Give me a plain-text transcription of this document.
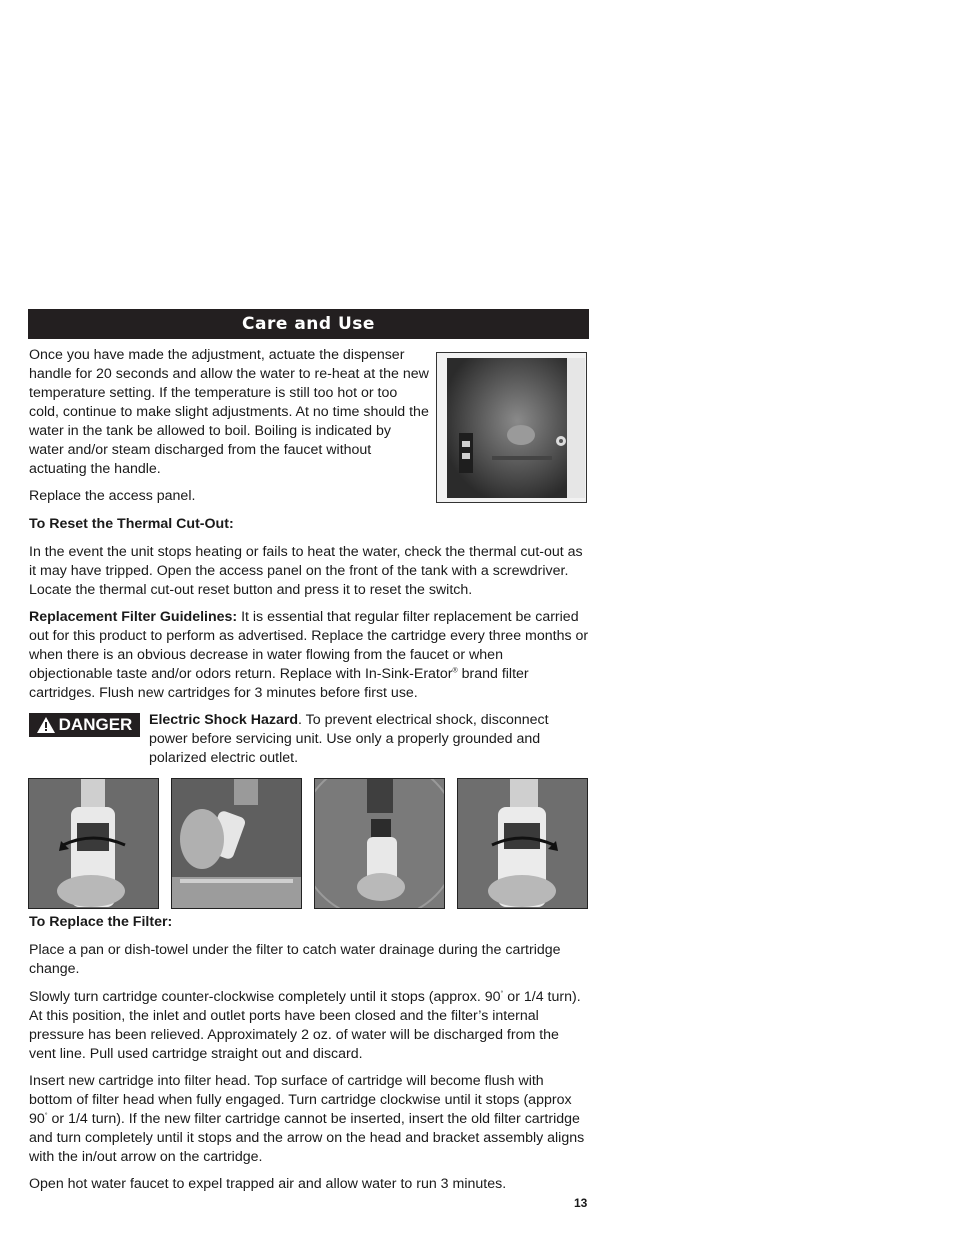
Care and Use

Once you have made the adjustment, actuate the dispenser handle for 20 seconds and allow the water to re-heat at the new temperature setting. If the temperature is still too hot or too cold, continue to make slight adjustments. At no time should the water in the tank be allowed to boil. Boiling is indicated by water and/or steam discharged from the faucet without actuating the handle.

Replace the access panel.

To Reset the Thermal Cut-Out:

In the event the unit stops heating or fails to heat the water, check the thermal cut-out as it may have tripped. Open the access panel on the front of the tank with a screwdriver. Locate the thermal cut-out reset button and press it to reset the switch.

Replacement Filter Guidelines: It is essential that regular filter replacement be carried out for this product to perform as advertised. Replace the cartridge every three months or when there is an obvious decrease in water flowing from the faucet or when objectionable taste and/or odors return. Replace with In-Sink-Erator® brand filter cartridges. Flush new cartridges for 3 minutes before first use.

DANGER Electric Shock Hazard. To prevent electrical shock, disconnect power before servicing unit. Use only a properly grounded and polarized electric outlet.

To Replace the Filter:

Place a pan or dish-towel under the filter to catch water drainage during the cartridge change.

Slowly turn cartridge counter-clockwise completely until it stops (approx. 90° or 1/4 turn). At this position, the inlet and outlet ports have been closed and the filter’s internal pressure has been relieved. Approximately 2 oz. of water will be discharged from the vent line. Pull used cartridge straight out and discard.

Insert new cartridge into filter head. Top surface of cartridge will become flush with bottom of filter head when fully engaged. Turn cartridge clockwise until it stops (approx 90° or 1/4 turn). If the new filter cartridge cannot be inserted, insert the old filter cartridge and turn completely until it stops and the arrow on the head and bracket assembly aligns with the in/out arrow on the cartridge.

Open hot water faucet to expel trapped air and allow water to run 3 minutes.

13
